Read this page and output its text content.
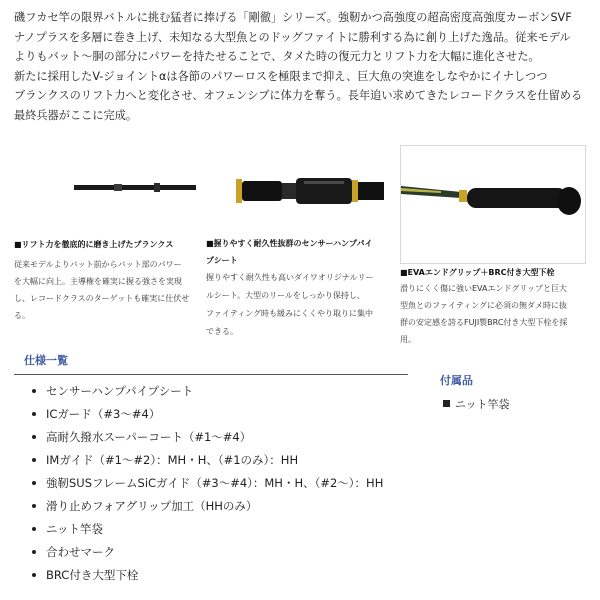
磯フカセ竿の限界バトルに挑む猛者に捧げる「剛徹」シリーズ。強靭かつ高強度の超高密度高強度カーボンSVF
ナノプラスを多層に巻き上げ、未知なる大型魚とのドッグファイトに勝利する為に創り上げた逸品。従来モデル
よりもバット〜胴の部分にパワーを持たせることで、タメた時の復元力とリフト力を大幅に進化させた。
新たに採用したV-ジョイントαは各節のパワーロスを極限まで抑え、巨大魚の突進をしなやかにイナしつつ
ブランクスのリフト力へと変化させ、オフェンシブに体力を奪う。長年追い求めてきたレコードクラスを仕留める
最終兵器がここに完成。
■リフト力を徹底的に磨き上げたブランクス
従来モデルよりバット前からバット部のパワー
を大幅に向上。主導権を確実に握る強さを実現
し、レコードクラスのターゲットも確実に仕伏せる。
■握りやすく耐久性抜群のセンサーハンプパイ
プシート
握りやすく耐久性も高いダイワオリジナルリー
ルシート。大型のリールをしっかり保持し、
ファイティング時も緩みにくくやり取りに集中
できる。
■EVAエンドグリップ＋BRC付き大型下栓
滑りにくく傷に強いEVAエンドグリップと巨大
型魚とのファイティングに必須の無ダメ時に抜
群の安定感を誇るFUJI製BRC付き大型下栓を採
用。
仕様一覧
センサーハンプパイプシート
ICガード（#3〜#4）
高耐久撥水スーパーコート（#1〜#4）
IMガイド（#1〜#2）：MH・H、（#1のみ）：HH
強靭SUSフレームSiCガイド（#3〜#4）：MH・H、（#2〜）：HH
滑り止めフォアグリップ加工（HHのみ）
ニット竿袋
合わせマーク
BRC付き大型下栓
付属品
ニット竿袋
